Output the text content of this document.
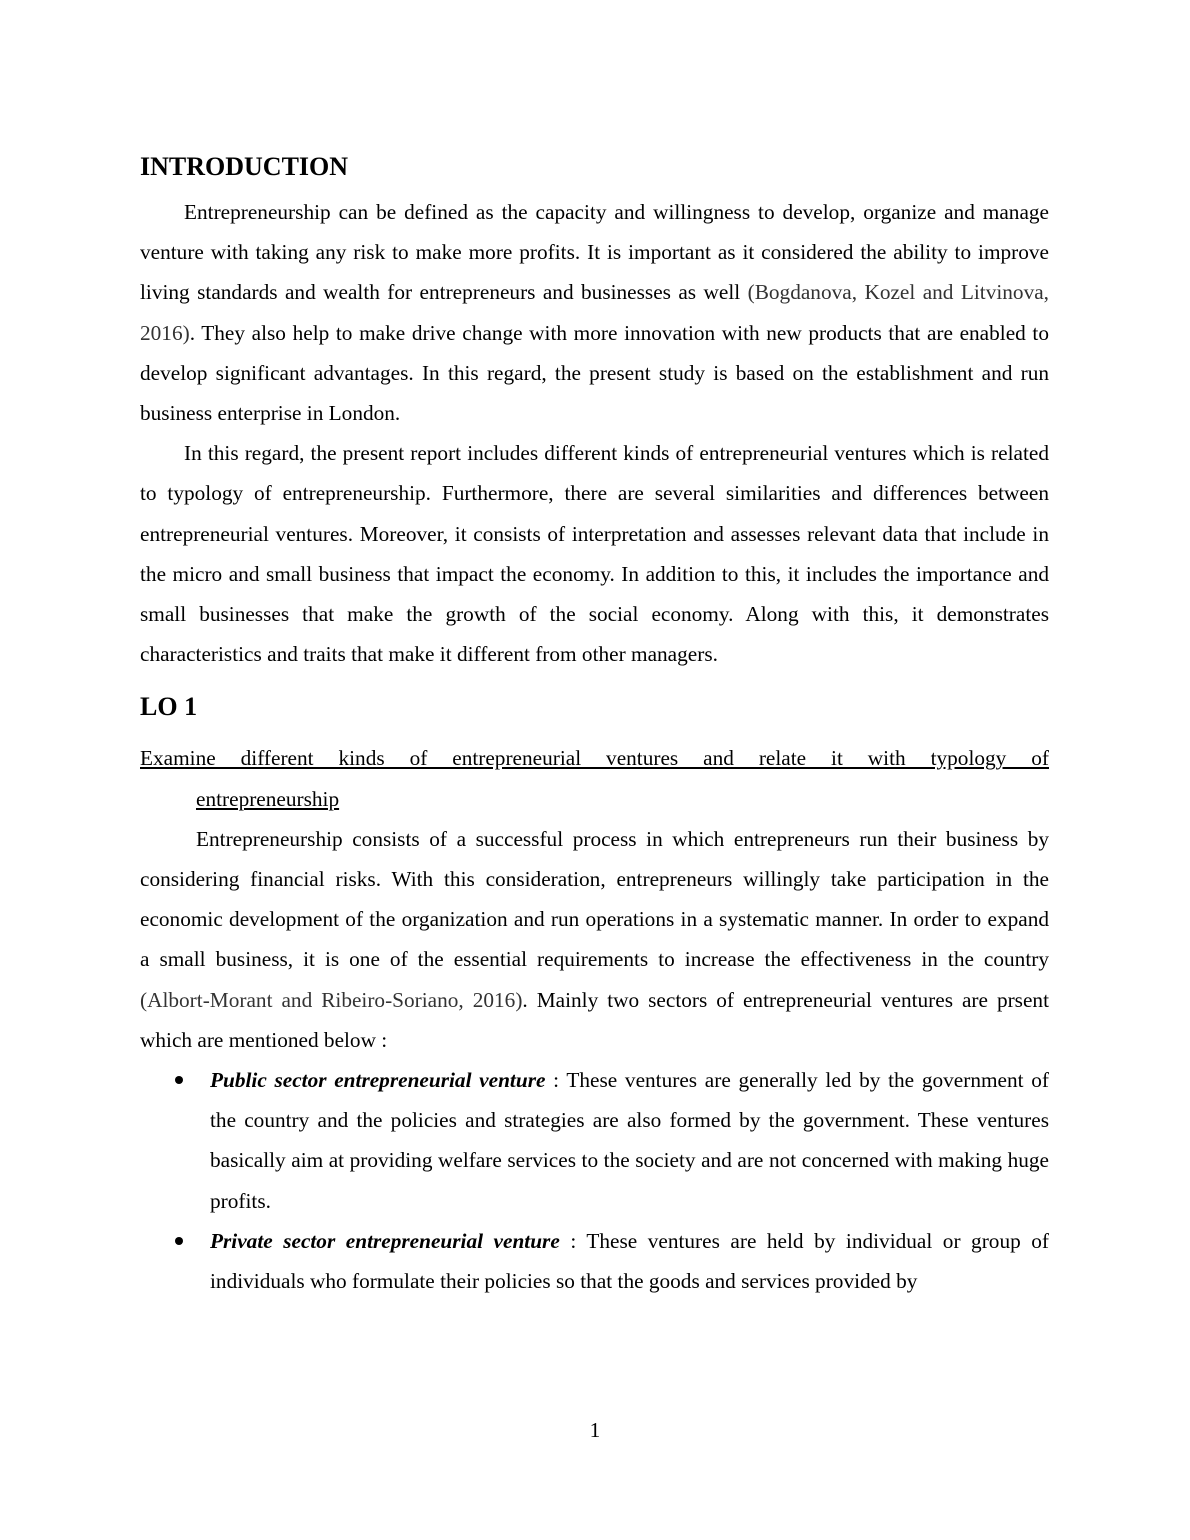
INTRODUCTION

Entrepreneurship can be defined as the capacity and willingness to develop, organize and manage venture with taking any risk to make more profits. It is important as it considered the ability to improve living standards and wealth for entrepreneurs and businesses as well (Bogdanova, Kozel and Litvinova, 2016). They also help to make drive change with more innovation with new products that are enabled to develop significant advantages. In this regard, the present study is based on the establishment and run business enterprise in London.

In this regard, the present report includes different kinds of entrepreneurial ventures which is related to typology of entrepreneurship. Furthermore, there are several similarities and differences between entrepreneurial ventures. Moreover, it consists of interpretation and assesses relevant data that include in the micro and small business that impact the economy. In addition to this, it includes the importance and small businesses that make the growth of the social economy. Along with this, it demonstrates characteristics and traits that make it different from other managers.

LO 1

Examine different kinds of entrepreneurial ventures and relate it with typology of

entrepreneurship

Entrepreneurship consists of a successful process in which entrepreneurs run their business by considering financial risks. With this consideration, entrepreneurs willingly take participation in the economic development of the organization and run operations in a systematic manner. In order to expand a small business, it is one of the essential requirements to increase the effectiveness in the country (Albort-Morant and Ribeiro-Soriano, 2016). Mainly two sectors of entrepreneurial ventures are prsent which are mentioned below :

Public sector entrepreneurial venture : These ventures are generally led by the government of the country and the policies and strategies are also formed by the government. These ventures basically aim at providing welfare services to the society and are not concerned with making huge profits.
Private sector entrepreneurial venture : These ventures are held by individual or group of individuals who formulate their policies so that the goods and services provided by
1
